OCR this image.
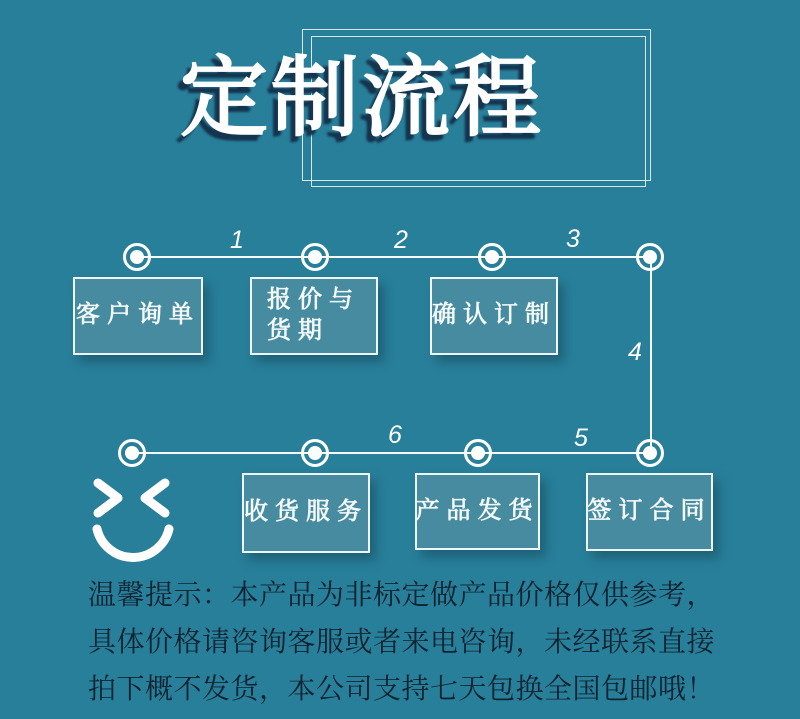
定制流程
1	2	3
4
5
6
客户询单
报价与
货期
确认订制
签订合同
产品发货
收货服务

温馨提示：本产品为非标定做产品价格仅供参考，

具体价格请咨询客服或者来电咨询，未经联系直接

拍下概不发货，本公司支持七天包换全国包邮哦！
